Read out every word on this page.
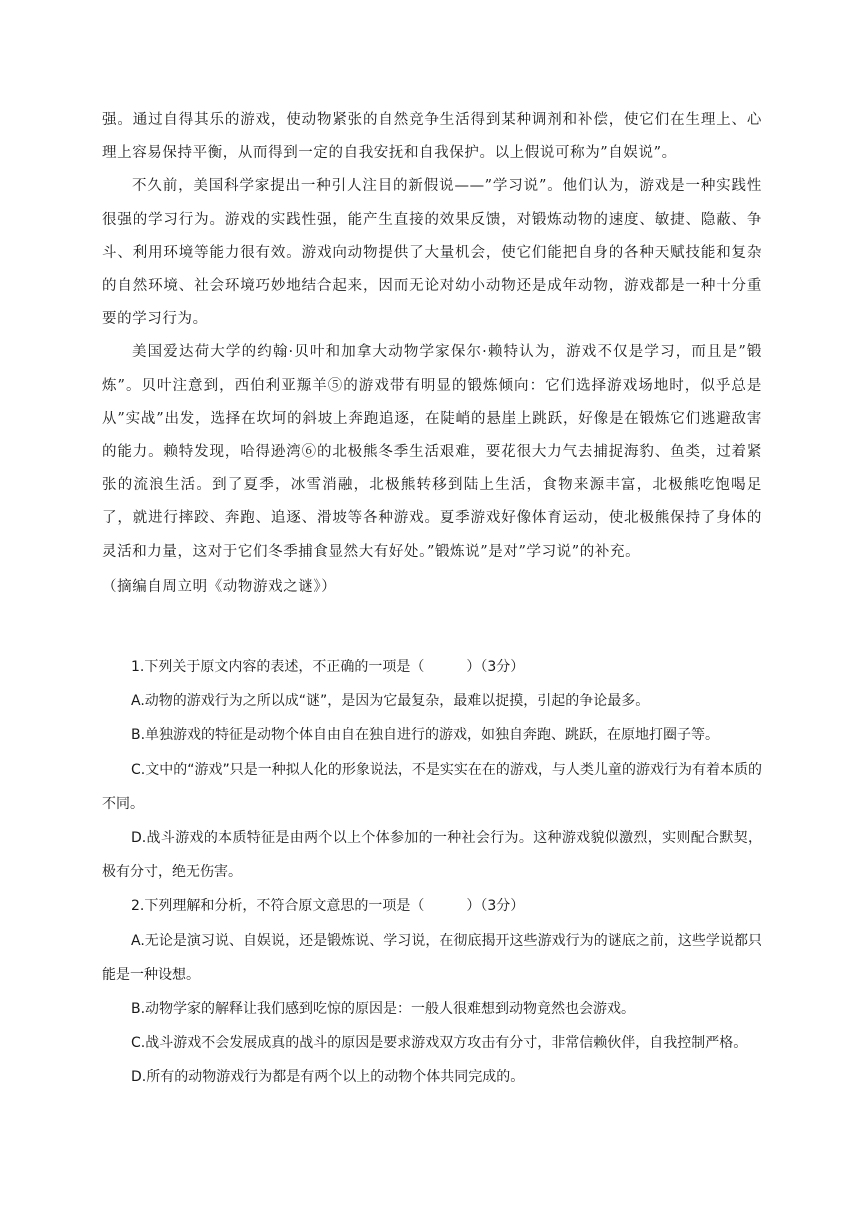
强。通过自得其乐的游戏，使动物紧张的自然竞争生活得到某种调剂和补偿，使它们在生理上、心理上容易保持平衡，从而得到一定的自我安抚和自我保护。以上假说可称为”自娱说”。

不久前，美国科学家提出一种引人注目的新假说——”学习说”。他们认为，游戏是一种实践性很强的学习行为。游戏的实践性强，能产生直接的效果反馈，对锻炼动物的速度、敏捷、隐蔽、争斗、利用环境等能力很有效。游戏向动物提供了大量机会，使它们能把自身的各种天赋技能和复杂的自然环境、社会环境巧妙地结合起来，因而无论对幼小动物还是成年动物，游戏都是一种十分重要的学习行为。

美国爱达荷大学的约翰·贝叶和加拿大动物学家保尔·赖特认为，游戏不仅是学习，而且是”锻炼”。贝叶注意到，西伯利亚羱羊⑤的游戏带有明显的锻炼倾向：它们选择游戏场地时，似乎总是从”实战”出发，选择在坎坷的斜坡上奔跑追逐，在陡峭的悬崖上跳跃，好像是在锻炼它们逃避敌害的能力。赖特发现，哈得逊湾⑥的北极熊冬季生活艰难，要花很大力气去捕捉海豹、鱼类，过着紧张的流浪生活。到了夏季，冰雪消融，北极熊转移到陆上生活，食物来源丰富，北极熊吃饱喝足了，就进行摔跤、奔跑、追逐、滑坡等各种游戏。夏季游戏好像体育运动，使北极熊保持了身体的灵活和力量，这对于它们冬季捕食显然大有好处。”锻炼说”是对”学习说”的补充。

（摘编自周立明《动物游戏之谜》）

1.下列关于原文内容的表述，不正确的一项是（　　　）（3分）

A.动物的游戏行为之所以成“谜”，是因为它最复杂，最难以捉摸，引起的争论最多。

B.单独游戏的特征是动物个体自由自在独自进行的游戏，如独自奔跑、跳跃，在原地打圈子等。

C.文中的“游戏”只是一种拟人化的形象说法，不是实实在在的游戏，与人类儿童的游戏行为有着本质的不同。

D.战斗游戏的本质特征是由两个以上个体参加的一种社会行为。这种游戏貌似激烈，实则配合默契，极有分寸，绝无伤害。

2.下列理解和分析，不符合原文意思的一项是（　　　）（3分）

A.无论是演习说、自娱说，还是锻炼说、学习说，在彻底揭开这些游戏行为的谜底之前，这些学说都只能是一种设想。

B.动物学家的解释让我们感到吃惊的原因是：一般人很难想到动物竟然也会游戏。

C.战斗游戏不会发展成真的战斗的原因是要求游戏双方攻击有分寸，非常信赖伙伴，自我控制严格。

D.所有的动物游戏行为都是有两个以上的动物个体共同完成的。
